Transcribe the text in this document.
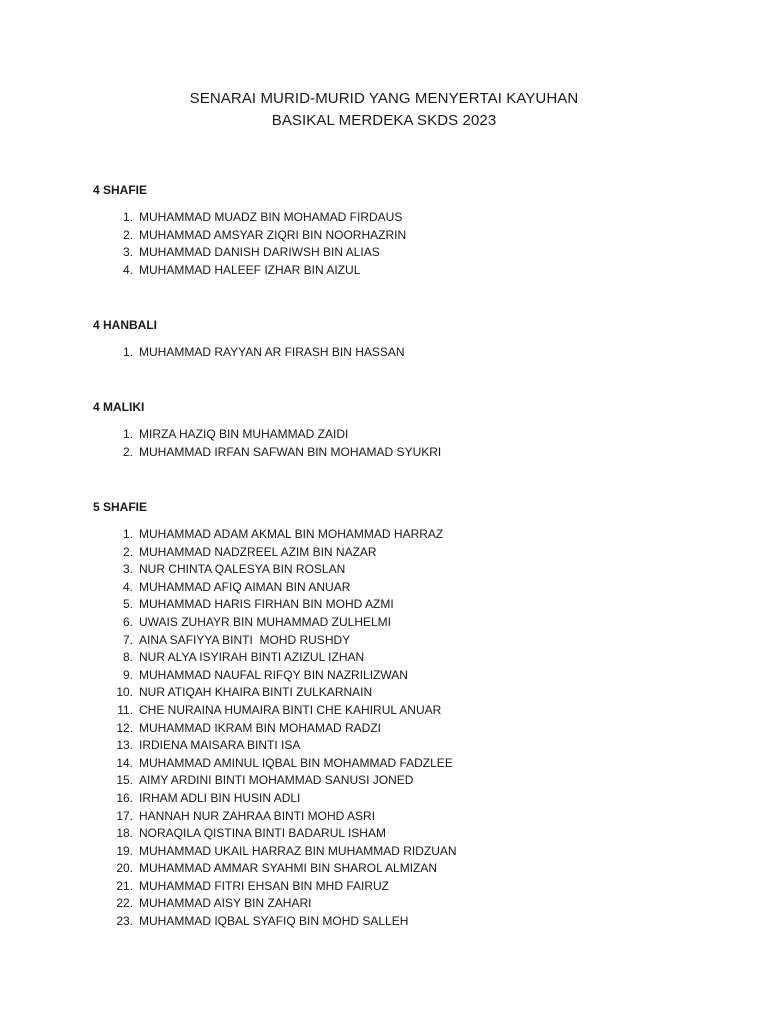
SENARAI MURID-MURID YANG MENYERTAI KAYUHAN
BASIKAL MERDEKA SKDS 2023

4 SHAFIE

1. MUHAMMAD MUADZ BIN MOHAMAD FIRDAUS
2. MUHAMMAD AMSYAR ZIQRI BIN NOORHAZRIN
3. MUHAMMAD DANISH DARIWSH BIN ALIAS
4. MUHAMMAD HALEEF IZHAR BIN AIZUL

4 HANBALI

1. MUHAMMAD RAYYAN AR FIRASH BIN HASSAN

4 MALIKI

1. MIRZA HAZIQ BIN MUHAMMAD ZAIDI
2. MUHAMMAD IRFAN SAFWAN BIN MOHAMAD SYUKRI

5 SHAFIE

1. MUHAMMAD ADAM AKMAL BIN MOHAMMAD HARRAZ
2. MUHAMMAD NADZREEL AZIM BIN NAZAR
3. NUR CHINTA QALESYA BIN ROSLAN
4. MUHAMMAD AFIQ AIMAN BIN ANUAR
5. MUHAMMAD HARIS FIRHAN BIN MOHD AZMI
6. UWAIS ZUHAYR BIN MUHAMMAD ZULHELMI
7. AINA SAFIYYA BINTI  MOHD RUSHDY
8. NUR ALYA ISYIRAH BINTI AZIZUL IZHAN
9. MUHAMMAD NAUFAL RIFQY BIN NAZRILIZWAN
10. NUR ATIQAH KHAIRA BINTI ZULKARNAIN
11. CHE NURAINA HUMAIRA BINTI CHE KAHIRUL ANUAR
12. MUHAMMAD IKRAM BIN MOHAMAD RADZI
13. IRDIENA MAISARA BINTI ISA
14. MUHAMMAD AMINUL IQBAL BIN MOHAMMAD FADZLEE
15. AIMY ARDINI BINTI MOHAMMAD SANUSI JONED
16. IRHAM ADLI BIN HUSIN ADLI
17. HANNAH NUR ZAHRAA BINTI MOHD ASRI
18. NORAQILA QISTINA BINTI BADARUL ISHAM
19. MUHAMMAD UKAIL HARRAZ BIN MUHAMMAD RIDZUAN
20. MUHAMMAD AMMAR SYAHMI BIN SHAROL ALMIZAN
21. MUHAMMAD FITRI EHSAN BIN MHD FAIRUZ
22. MUHAMMAD AISY BIN ZAHARI
23. MUHAMMAD IQBAL SYAFIQ BIN MOHD SALLEH
